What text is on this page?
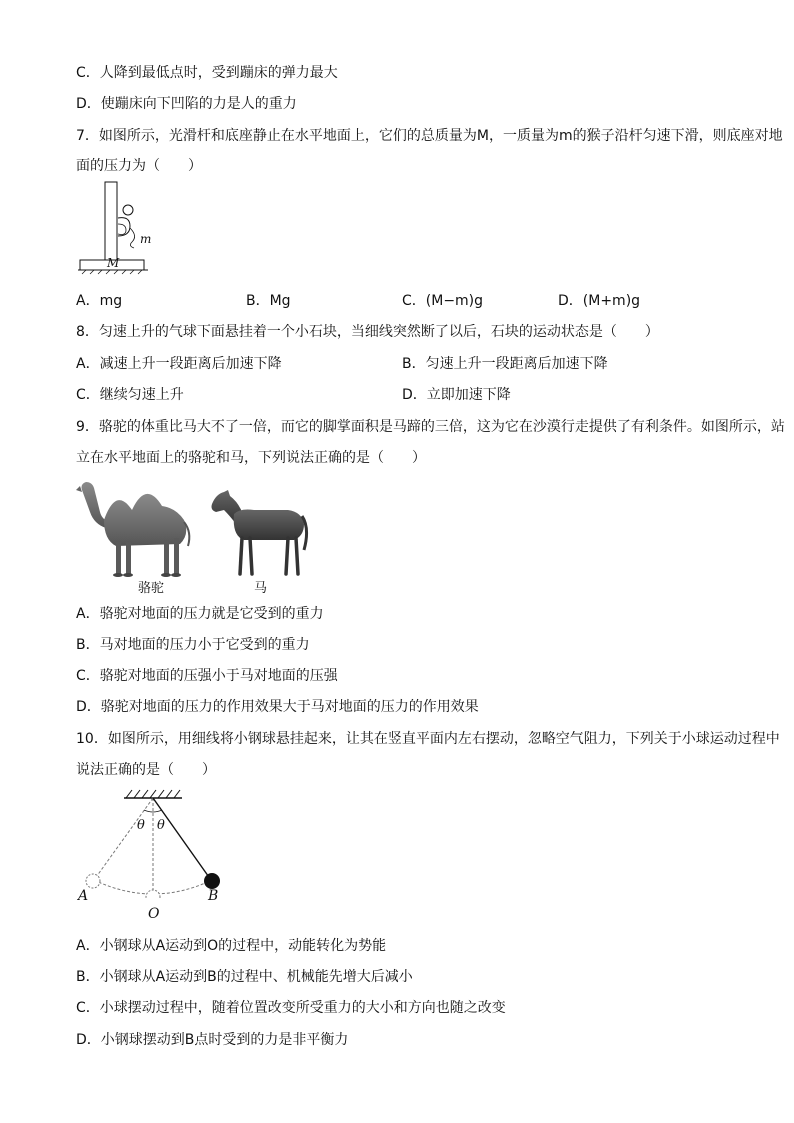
C．人降到最低点时，受到蹦床的弹力最大
D．使蹦床向下凹陷的力是人的重力
7．如图所示，光滑杆和底座静止在水平地面上，它们的总质量为M，一质量为m的猴子沿杆匀速下滑，则底座对地
面的压力为（　　）
m
M
A．mg	B．Mg	C．(M−m)g	D．(M+m)g
8．匀速上升的气球下面悬挂着一个小石块，当细线突然断了以后，石块的运动状态是（　　）
A．减速上升一段距离后加速下降	B．匀速上升一段距离后加速下降
C．继续匀速上升	D．立即加速下降
9．骆驼的体重比马大不了一倍，而它的脚掌面积是马蹄的三倍，这为它在沙漠行走提供了有利条件。如图所示，站
立在水平地面上的骆驼和马，下列说法正确的是（　　）
骆驼	马
A．骆驼对地面的压力就是它受到的重力
B．马对地面的压力小于它受到的重力
C．骆驼对地面的压强小于马对地面的压强
D．骆驼对地面的压力的作用效果大于马对地面的压力的作用效果
10．如图所示，用细线将小钢球悬挂起来，让其在竖直平面内左右摆动，忽略空气阻力，下列关于小球运动过程中
说法正确的是（　　）
θ θ
A
O
B
A．小钢球从A运动到O的过程中，动能转化为势能
B．小钢球从A运动到B的过程中、机械能先增大后减小
C．小球摆动过程中，随着位置改变所受重力的大小和方向也随之改变
D．小钢球摆动到B点时受到的力是非平衡力
